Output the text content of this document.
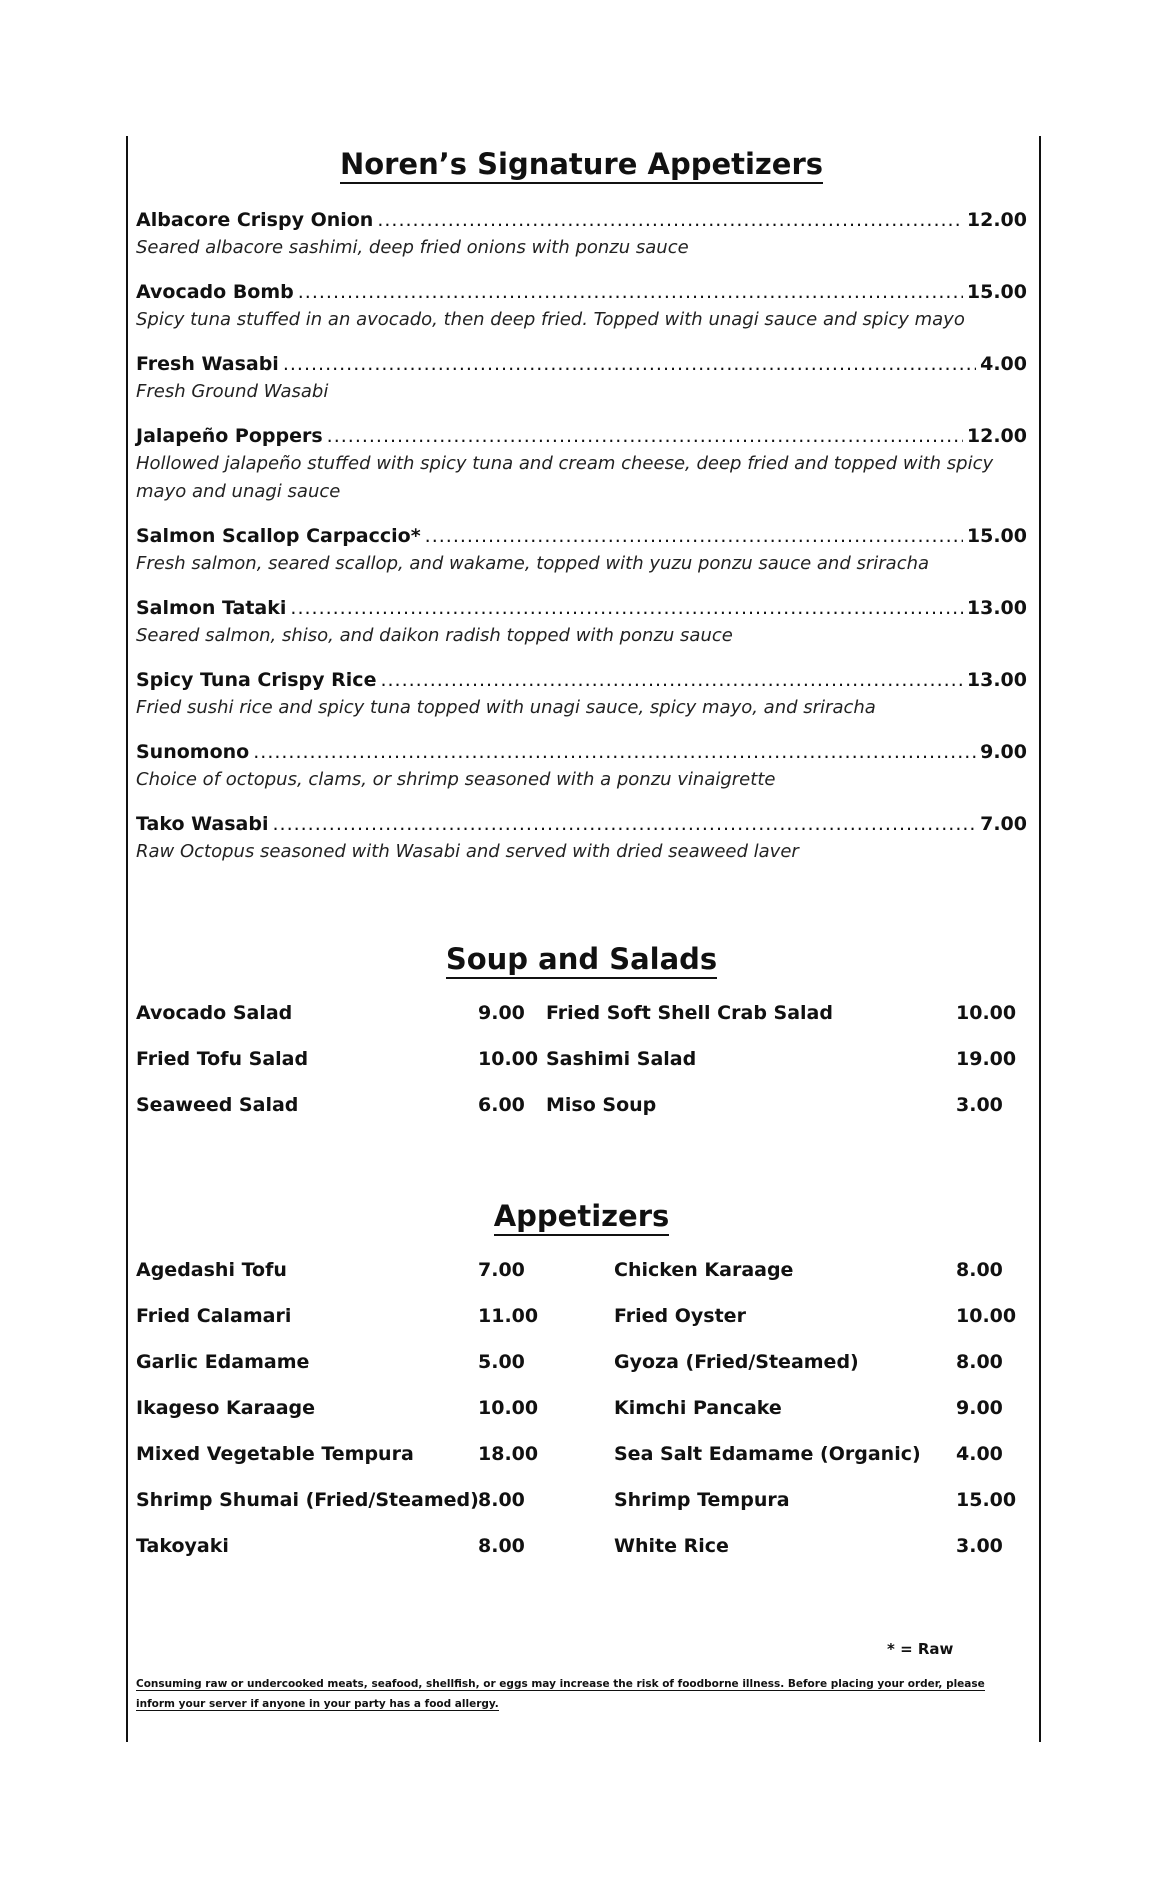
Noren’s Signature Appetizers
Albacore Crispy Onion .....	12.00
Seared albacore sashimi, deep fried onions with ponzu sauce
Avocado Bomb .....	15.00
Spicy tuna stuffed in an avocado, then deep fried. Topped with unagi sauce and spicy mayo
Fresh Wasabi .....	4.00
Fresh Ground Wasabi
Jalapeño Poppers .....	12.00
Hollowed jalapeño stuffed with spicy tuna and cream cheese, deep fried and topped with spicy mayo and unagi sauce
Salmon Scallop Carpaccio* .....	15.00
Fresh salmon, seared scallop, and wakame, topped with yuzu ponzu sauce and sriracha
Salmon Tataki .....	13.00
Seared salmon, shiso, and daikon radish topped with ponzu sauce
Spicy Tuna Crispy Rice .....	13.00
Fried sushi rice and spicy tuna topped with unagi sauce, spicy mayo, and sriracha
Sunomono .....	9.00
Choice of octopus, clams, or shrimp seasoned with a ponzu vinaigrette
Tako Wasabi .....	7.00
Raw Octopus seasoned with Wasabi and served with dried seaweed laver
Soup and Salads
Avocado Salad	9.00 Fried Soft Shell Crab Salad	10.00
Fried Tofu Salad	10.00 Sashimi Salad	19.00
Seaweed Salad	6.00 Miso Soup	3.00
Appetizers
Agedashi Tofu	7.00	Chicken Karaage	8.00
Fried Calamari	11.00	Fried Oyster	10.00
Garlic Edamame	5.00	Gyoza (Fried/Steamed)	8.00
Ikageso Karaage	10.00	Kimchi Pancake	9.00
Mixed Vegetable Tempura	18.00	Sea Salt Edamame (Organic) 4.00
Shrimp Shumai (Fried/Steamed) 8.00	Shrimp Tempura	15.00
Takoyaki	8.00	White Rice	3.00
* = Raw
Consuming raw or undercooked meats, seafood, shellfish, or eggs may increase the risk of foodborne illness. Before placing your order, please inform your server if anyone in your party has a food allergy.
